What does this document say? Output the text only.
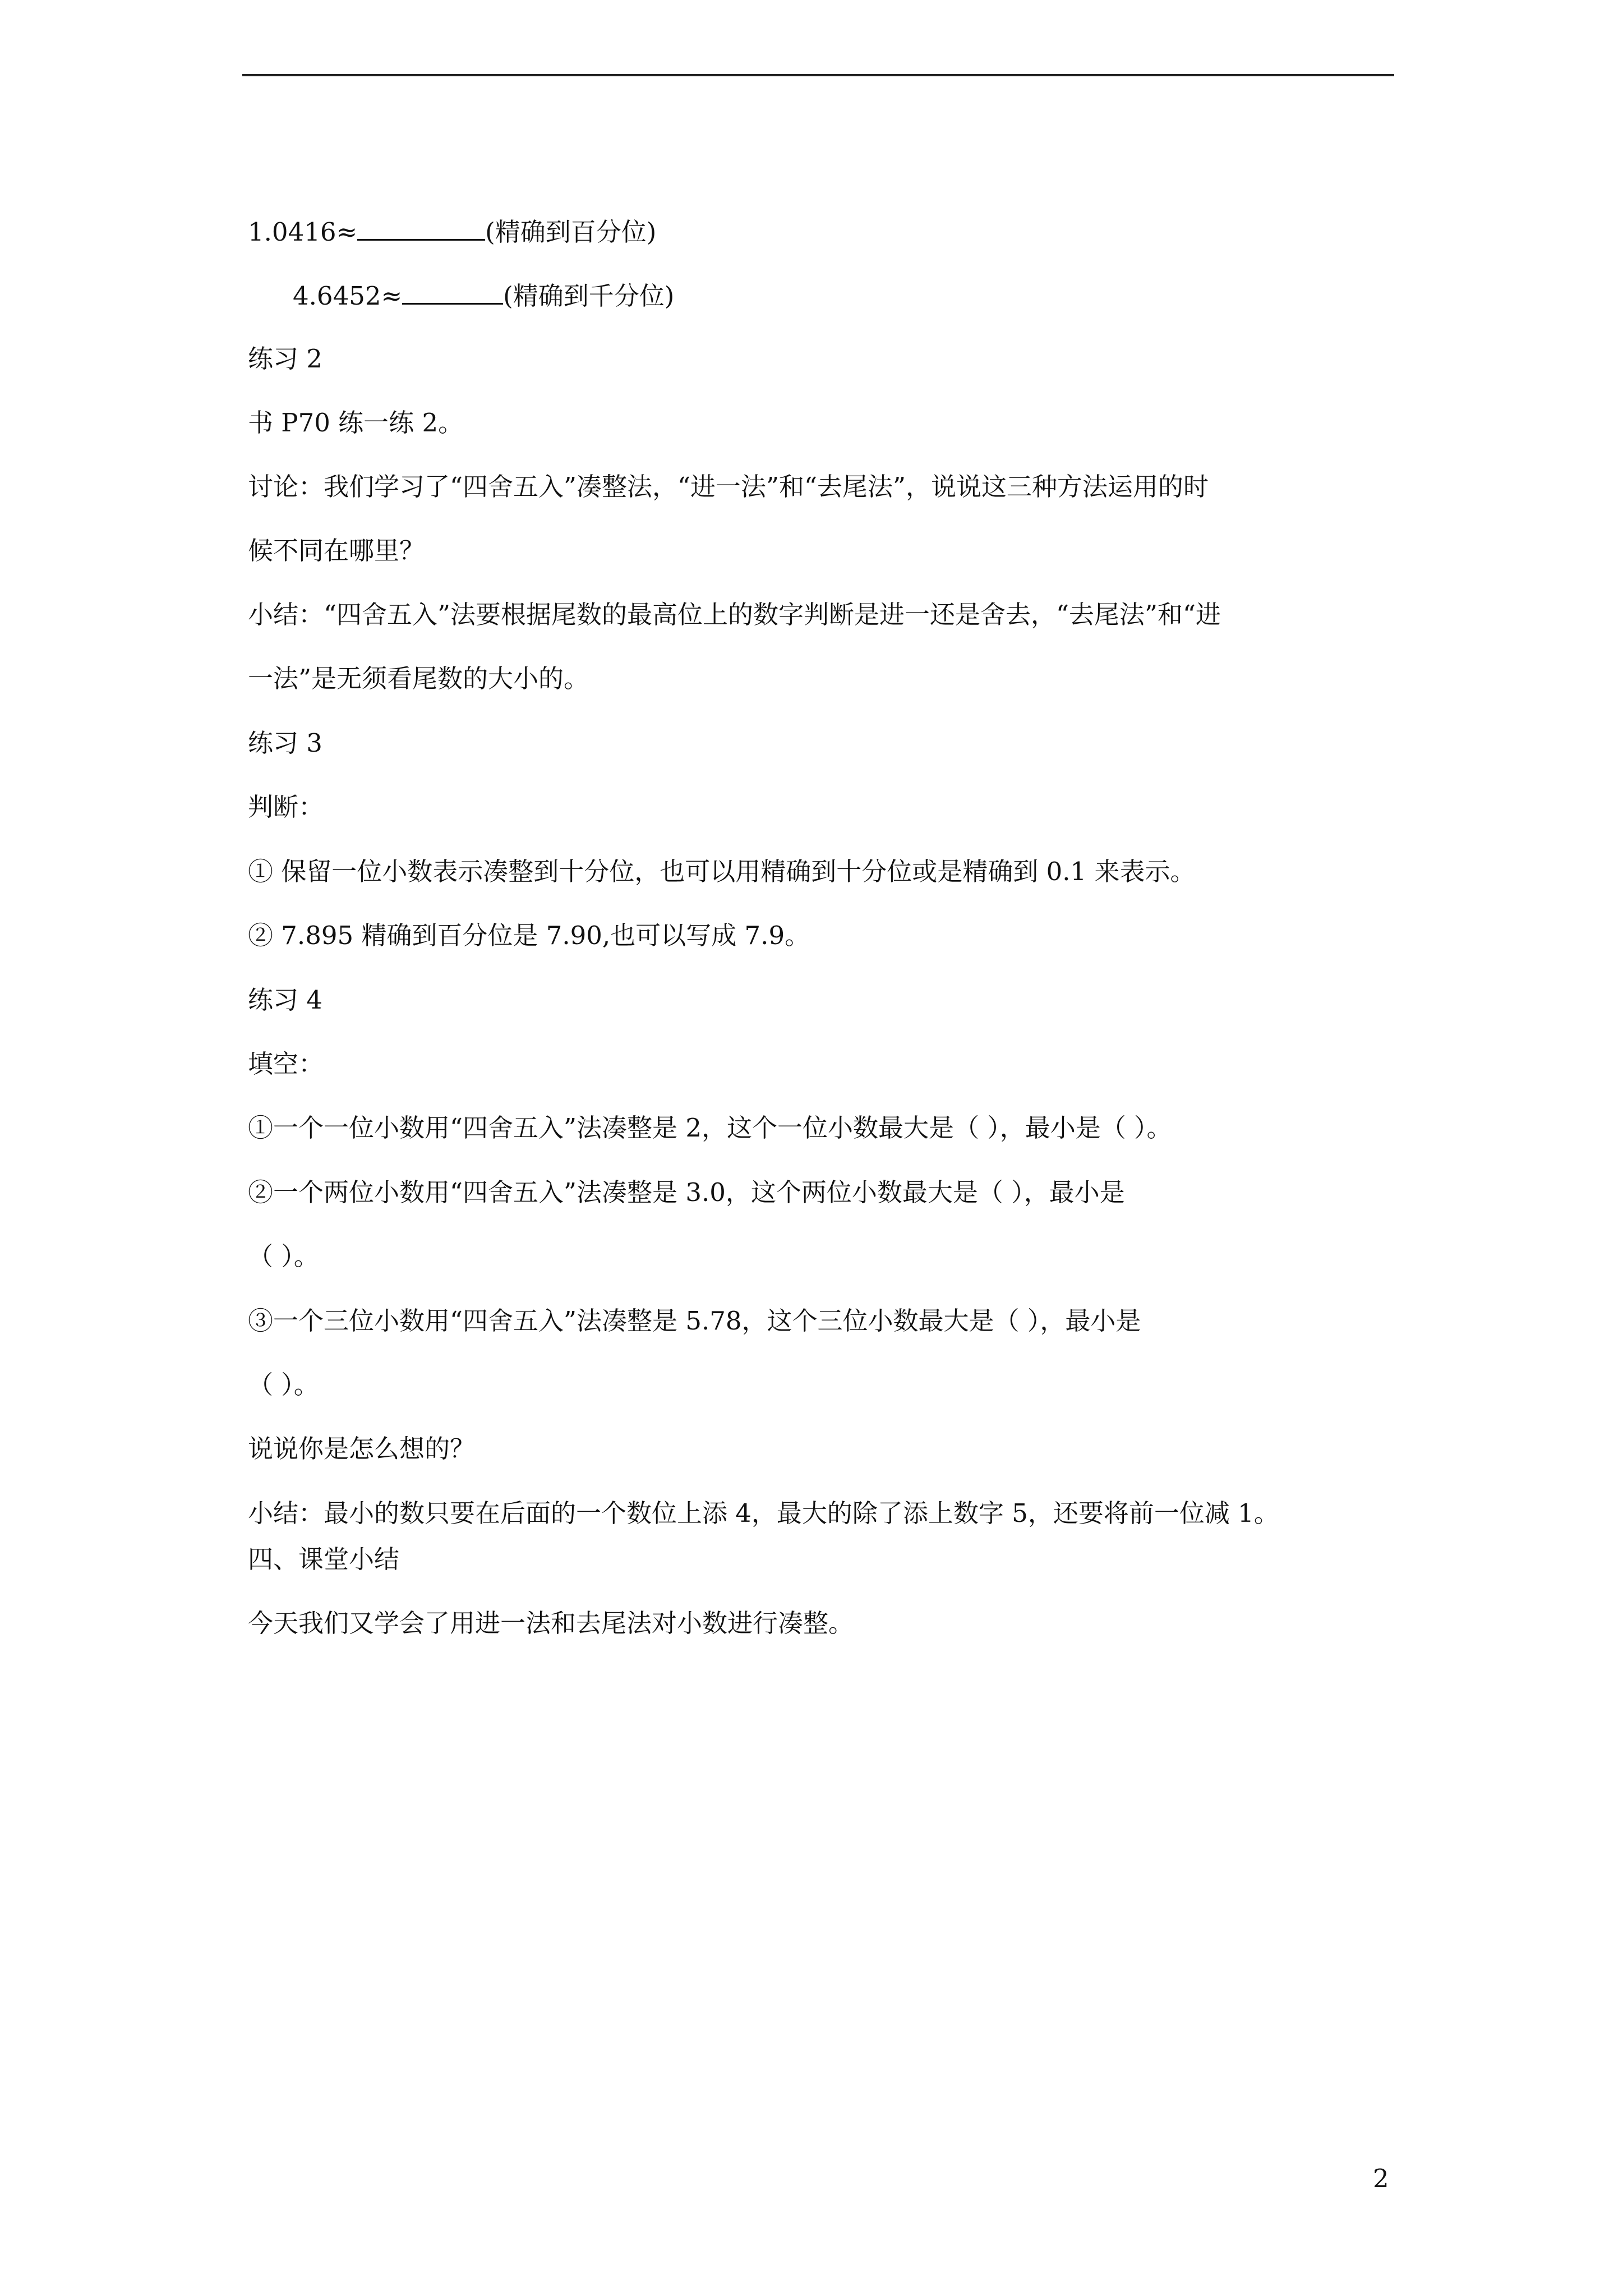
1.0416≈	(精确到百分位)
4.6452≈	(精确到千分位)
练习 2
书 P70 练一练 2。
讨论：我们学习了“四舍五入”凑整法，“进一法”和“去尾法”，说说这三种方法运用的时
候不同在哪里？
小结：“四舍五入”法要根据尾数的最高位上的数字判断是进一还是舍去，“去尾法”和“进
一法”是无须看尾数的大小的。
练习 3
判断：
① 保留一位小数表示凑整到十分位，也可以用精确到十分位或是精确到 0.1 来表示。
② 7.895 精确到百分位是 7.90,也可以写成 7.9。
练习 4
填空：
①一个一位小数用“四舍五入”法凑整是 2，这个一位小数最大是（ ），最小是（ ）。
②一个两位小数用“四舍五入”法凑整是 3.0，这个两位小数最大是（ ），最小是
（ ）。
③一个三位小数用“四舍五入”法凑整是 5.78，这个三位小数最大是（ ），最小是
（ ）。
说说你是怎么想的？
小结：最小的数只要在后面的一个数位上添 4，最大的除了添上数字 5，还要将前一位减 1。
四、课堂小结
今天我们又学会了用进一法和去尾法对小数进行凑整。
2
